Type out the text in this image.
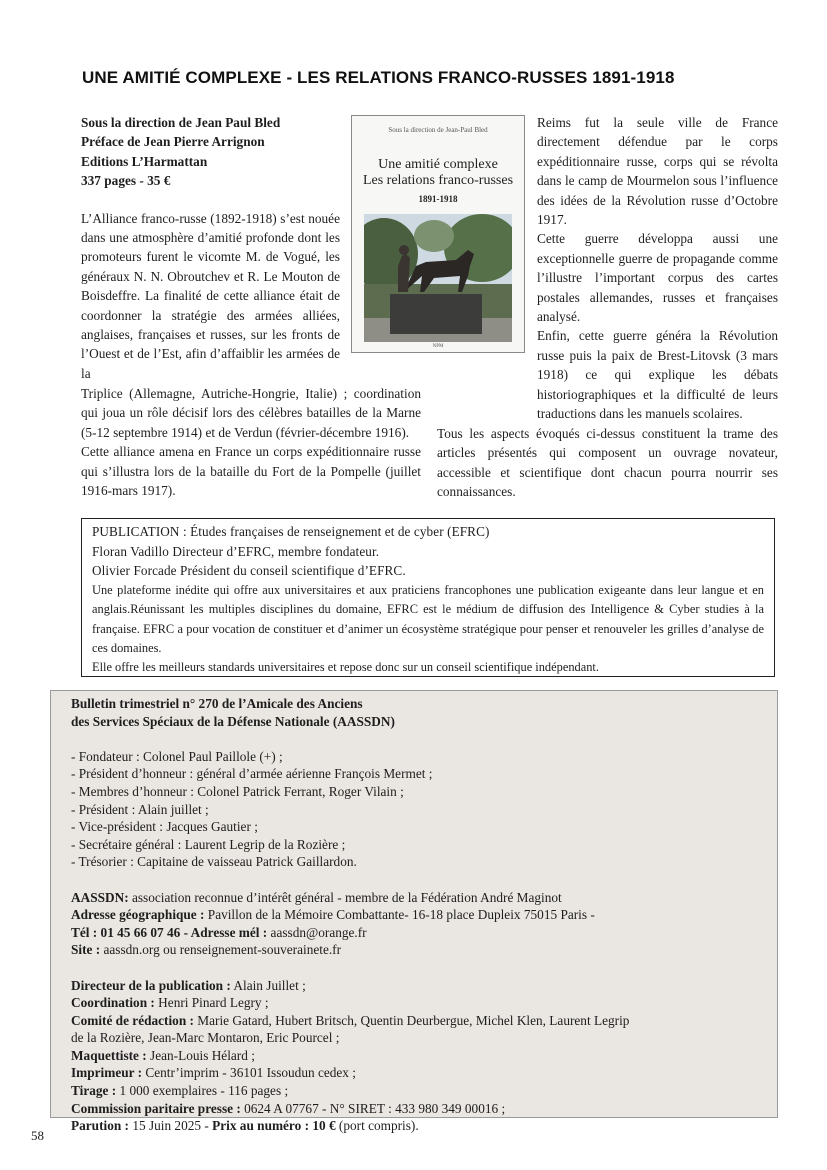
UNE AMITIÉ COMPLEXE - LES RELATIONS FRANCO-RUSSES 1891-1918
Sous la direction de Jean Paul Bled
Préface de Jean Pierre Arrignon
Editions L’Harmattan
337 pages - 35 €

L’Alliance franco-russe (1892-1918) s’est nouée dans une atmosphère d’amitié profonde dont les promoteurs furent le vicomte M. de Vogué, les généraux N. N. Obroutchev et R. Le Mouton de Boisdeffre. La finalité de cette alliance était de coordonner la stratégie des armées alliées, anglaises, françaises et russes, sur les fronts de l’Ouest et de l’Est, afin d’affaiblir les armées de la

Triplice (Allemagne, Autriche-Hongrie, Italie) ; coordination qui joua un rôle décisif lors des célèbres batailles de la Marne (5-12 septembre 1914) et de Verdun (février-décembre 1916).

Cette alliance amena en France un corps expéditionnaire russe qui s’illustra lors de la bataille du Fort de la Pompelle (juillet 1916-mars 1917).

Sous la direction de Jean-Paul Bled
Une amitié complexe
Les relations franco-russes
1891-1918
NPM

Reims fut la seule ville de France directement défendue par le corps expéditionnaire russe, corps qui se révolta dans le camp de Mourmelon sous l’influence des idées de la Révolution russe d’Octobre 1917.

Cette guerre développa aussi une exceptionnelle guerre de propagande comme l’illustre l’important corpus des cartes postales allemandes, russes et françaises analysé.

Enfin, cette guerre généra la Révolution russe puis la paix de Brest-Litovsk (3 mars 1918) ce qui explique les débats historiographiques et la difficulté de leurs traductions dans les manuels scolaires.

Tous les aspects évoqués ci-dessus constituent la trame des articles présentés qui composent un ouvrage novateur, accessible et scientifique dont chacun pourra nourrir ses connaissances.

PUBLICATION : Études françaises de renseignement et de cyber (EFRC)
Floran Vadillo Directeur d’EFRC, membre fondateur.
Olivier Forcade Président du conseil scientifique d’EFRC.
Une plateforme inédite qui offre aux universitaires et aux praticiens francophones une publication exigeante dans leur langue et en anglais.Réunissant les multiples disciplines du domaine, EFRC est le médium de diffusion des Intelligence & Cyber studies à la française. EFRC a pour vocation de constituer et d’animer un écosystème stratégique pour penser et renouveler les grilles d’analyse de ces domaines.
Elle offre les meilleurs standards universitaires et repose donc sur un conseil scientifique indépendant.
Bulletin trimestriel n° 270 de l’Amicale des Anciens
des Services Spéciaux de la Défense Nationale (AASSDN)
- Fondateur : Colonel Paul Paillole (+) ;
- Président d’honneur : général d’armée aérienne François Mermet ;
- Membres d’honneur : Colonel Patrick Ferrant, Roger Vilain ;
- Président : Alain juillet ;
- Vice-président : Jacques Gautier ;
- Secrétaire général : Laurent Legrip de la Rozière ;
- Trésorier : Capitaine de vaisseau Patrick Gaillardon.
AASSDN: association reconnue d’intérêt général - membre de la Fédération André Maginot
Adresse géographique : Pavillon de la Mémoire Combattante- 16-18 place Dupleix 75015 Paris -
Tél : 01 45 66 07 46 - Adresse mél : aassdn@orange.fr
Site : aassdn.org ou renseignement-souverainete.fr
Directeur de la publication : Alain Juillet ;
Coordination : Henri Pinard Legry ;
Comité de rédaction : Marie Gatard, Hubert Britsch, Quentin Deurbergue, Michel Klen, Laurent Legrip
de la Rozière, Jean-Marc Montaron, Eric Pourcel ;
Maquettiste : Jean-Louis Hélard ;
Imprimeur : Centr’imprim - 36101 Issoudun cedex ;
Tirage : 1 000 exemplaires - 116 pages ;
Commission paritaire presse : 0624 A 07767 - N° SIRET : 433 980 349 00016 ;
Parution : 15 Juin 2025 - Prix au numéro : 10 € (port compris).
58
